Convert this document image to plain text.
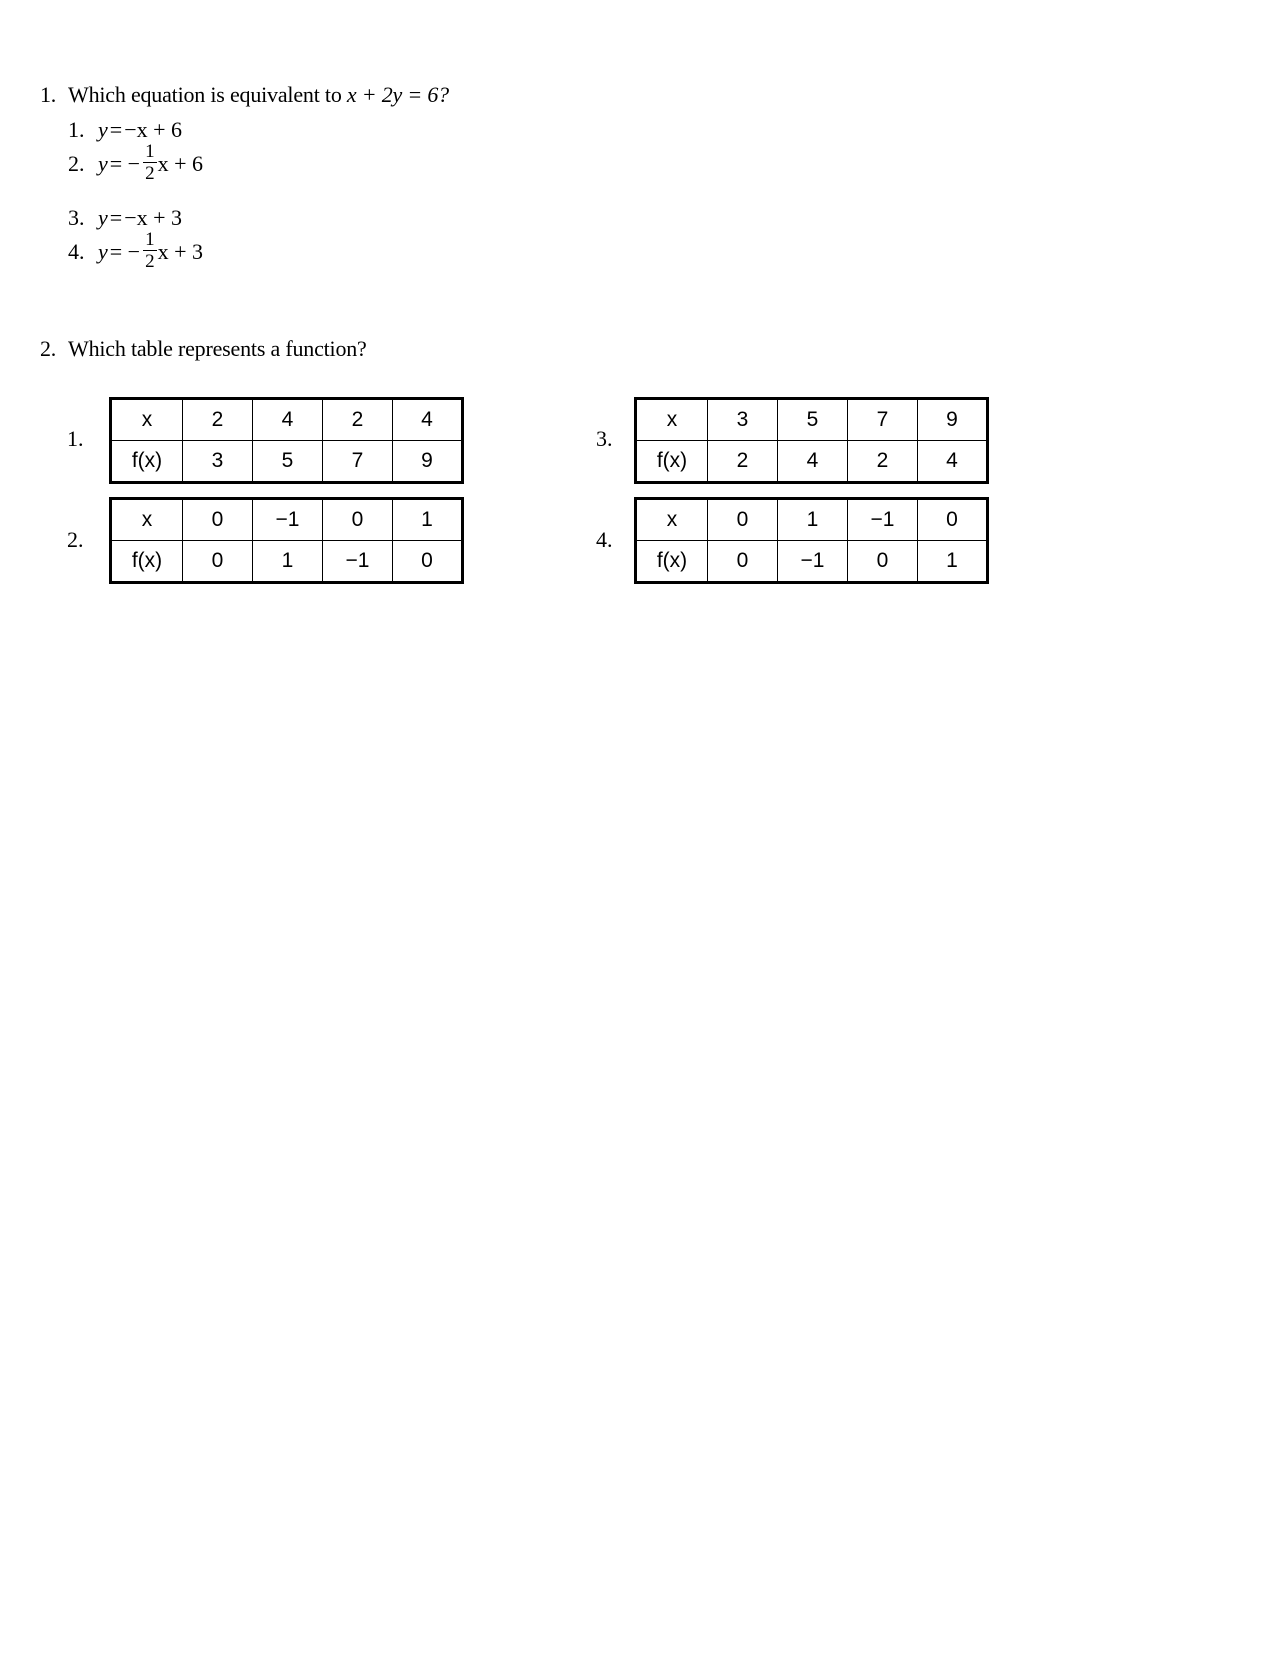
1. Which equation is equivalent to x + 2y = 6?
1. y = −x + 6
2. y = − $\frac{1}{2}$ x + 6
3. y = −x + 3
4. y = − $\frac{1}{2}$ x + 3
2. Which table represents a function?
1.
x	2	4	2	4
f(x)	3	5	7	9
2.
x	0	−1	0	1
f(x)	0	1	−1	0
3.
x	3	5	7	9
f(x)	2	4	2	4
4.
x	0	1	−1	0
f(x)	0	−1	0	1
